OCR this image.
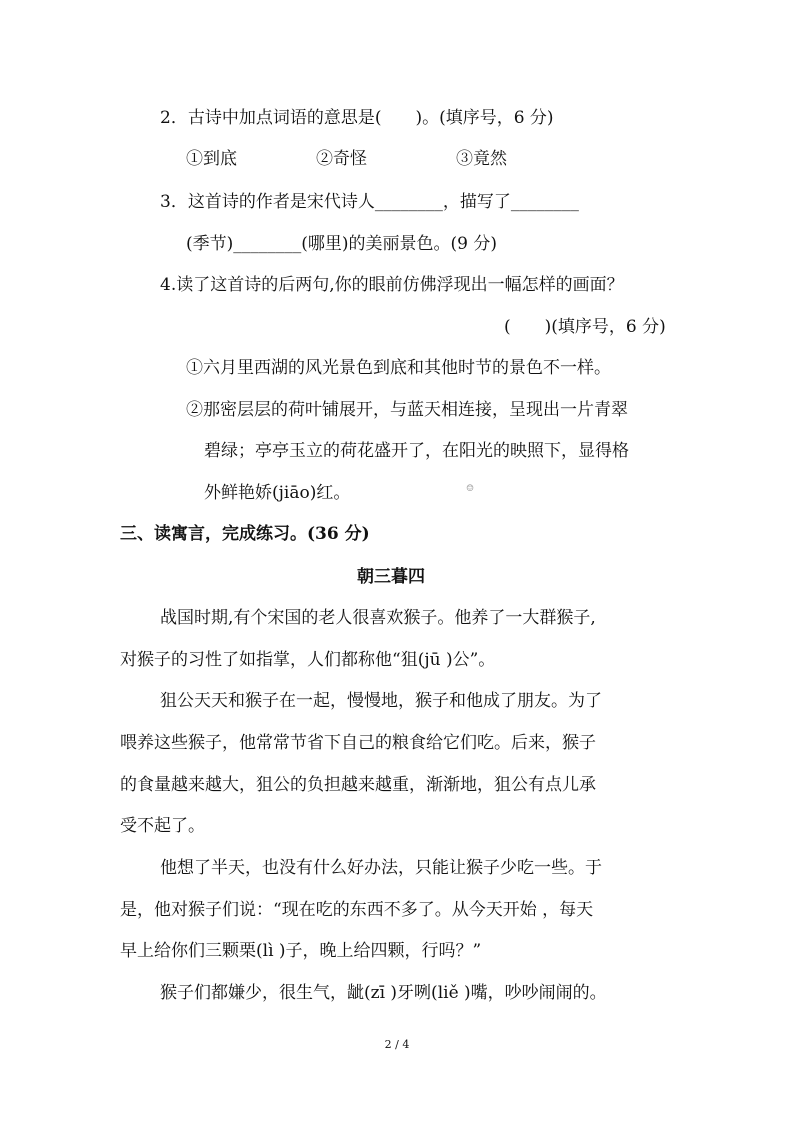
2．古诗中加点词语的意思是(　　)。(填序号，6 分)
①到底	②奇怪	③竟然
3．这首诗的作者是宋代诗人________，描写了________
(季节)________(哪里)的美丽景色。(9 分)
4.读了这首诗的后两句,你的眼前仿佛浮现出一幅怎样的画面？
(　　)(填序号，6 分)
①六月里西湖的风光景色到底和其他时节的景色不一样。
②那密层层的荷叶铺展开，与蓝天相连接，呈现出一片青翠
碧绿；亭亭玉立的荷花盛开了，在阳光的映照下，显得格
外鲜艳娇(jiāo)红。	☺
三、读寓言，完成练习。(36 分)
朝三暮四
战国时期,有个宋国的老人很喜欢猴子。他养了一大群猴子,
对猴子的习性了如指掌，人们都称他“狙(jū )公”。
狙公天天和猴子在一起，慢慢地，猴子和他成了朋友。为了
喂养这些猴子，他常常节省下自己的粮食给它们吃。后来，猴子
的食量越来越大，狙公的负担越来越重，渐渐地，狙公有点儿承
受不起了。
他想了半天，也没有什么好办法，只能让猴子少吃一些。于
是，他对猴子们说：“现在吃的东西不多了。从今天开始 ，每天
早上给你们三颗栗(lì )子，晚上给四颗，行吗？”
猴子们都嫌少，很生气，龇(zī )牙咧(liě )嘴，吵吵闹闹的。
2 / 4
